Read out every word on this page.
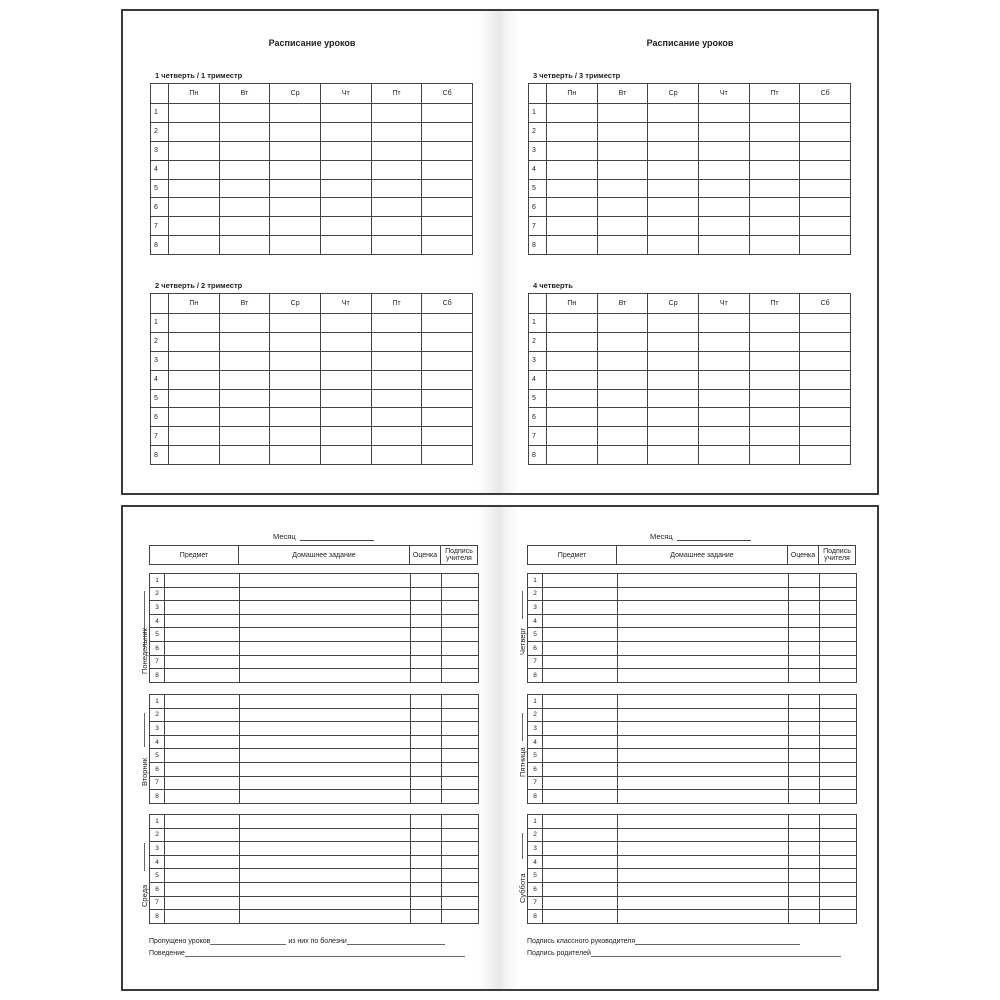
Расписание уроков
1 четверть / 1 триместр
	Пн	Вт	Ср	Чт	Пт	Сб
1						
2						
3						
4						
5						
6						
7						
8						
2 четверть / 2 триместр
	Пн	Вт	Ср	Чт	Пт	Сб
1						
2						
3						
4						
5						
6						
7						
8						
Расписание уроков
3 четверть / 3 триместр
	Пн	Вт	Ср	Чт	Пт	Сб
1						
2						
3						
4						
5						
6						
7						
8						
4 четверть
	Пн	Вт	Ср	Чт	Пт	Сб
1						
2						
3						
4						
5						
6						
7						
8						
Месяц
Предмет	Домашнее задание	Оценка	Подпись учителя
Понедельник
1				
2				
3				
4				
5				
6				
7				
8				
Вторник
1				
2				
3				
4				
5				
6				
7				
8				
Среда
1				
2				
3				
4				
5				
6				
7				
8				
Пропущено уроков	из них по болезни
Поведение
Месяц
Предмет	Домашнее задание	Оценка	Подпись учителя
Четверг
1				
2				
3				
4				
5				
6				
7				
8				
Пятница
1				
2				
3				
4				
5				
6				
7				
8				
Суббота
1				
2				
3				
4				
5				
6				
7				
8				
Подпись классного руководителя
Подпись родителей
